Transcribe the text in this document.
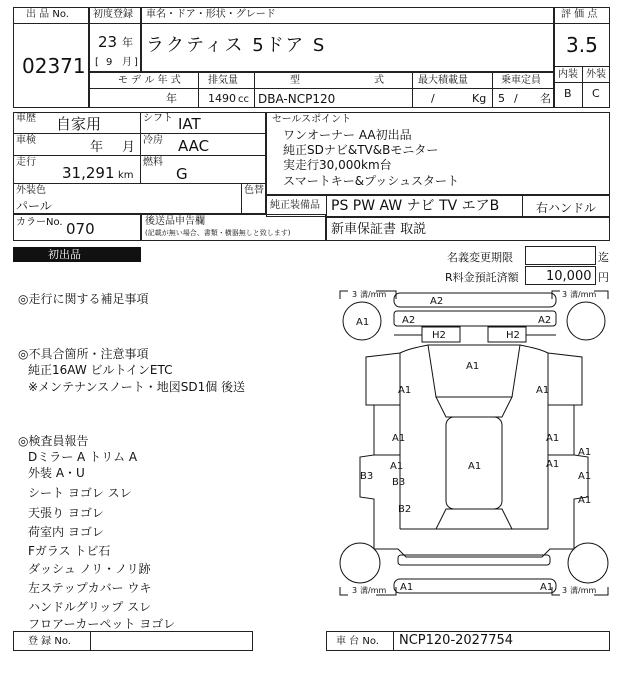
出 品 No.
02371
初度登録
23 年
[ 9 月 ]
車名・ドア・形状・グレード
ラクティス 5ドア S
評 価 点
3.5
内装 外装
B C
モ デ ル 年 式
年
排気量
1490 cc
型　　式
DBA-NCP120
最大積載量
/	Kg
乗車定員
5 / 名
車歴 自家用
車検	年 月
走行
31,291 km
シフト IAT
冷房 AAC
燃料
G
外装色
パール
色替
セールスポイント
ワンオーナー AA初出品
純正SDナビ&TV&Bモニター
実走行30,000km台
スマートキー&プッシュスタート
純正装備品 PS PW AW ナビ TV エアB	右ハンドル
カラーNo. 070	後送品申告欄
(記載が無い場合、書類・横器無しと致します)	新車保証書 取説
初出品	名義変更期限	迄
R料金預託済額 10,000 円
◎走行に関する補足事項
◎不具合箇所・注意事項
純正16AW ビルトインETC
※メンテナンスノート・地図SD1個 後送
◎検査員報告
Dミラー A トリム A
外装 A・U
シート ヨゴレ スレ
天張り ヨゴレ
荷室内 ヨゴレ
Fガラス トビ石
ダッシュ ノリ・ノリ跡
左ステップカバー ウキ
ハンドルグリップ スレ
フロアーカーペット ヨゴレ
3 溝/mm	3 溝/mm
3 溝/mm	3 溝/mm
A2
A1	A2	A2
H2	H2
A1
A1	A1
A1	A1
A1
A1	A1
A1
A1
A1
B3
B3
B2
A1	A1
登 録 No.	車 台 No. NCP120-2027754
